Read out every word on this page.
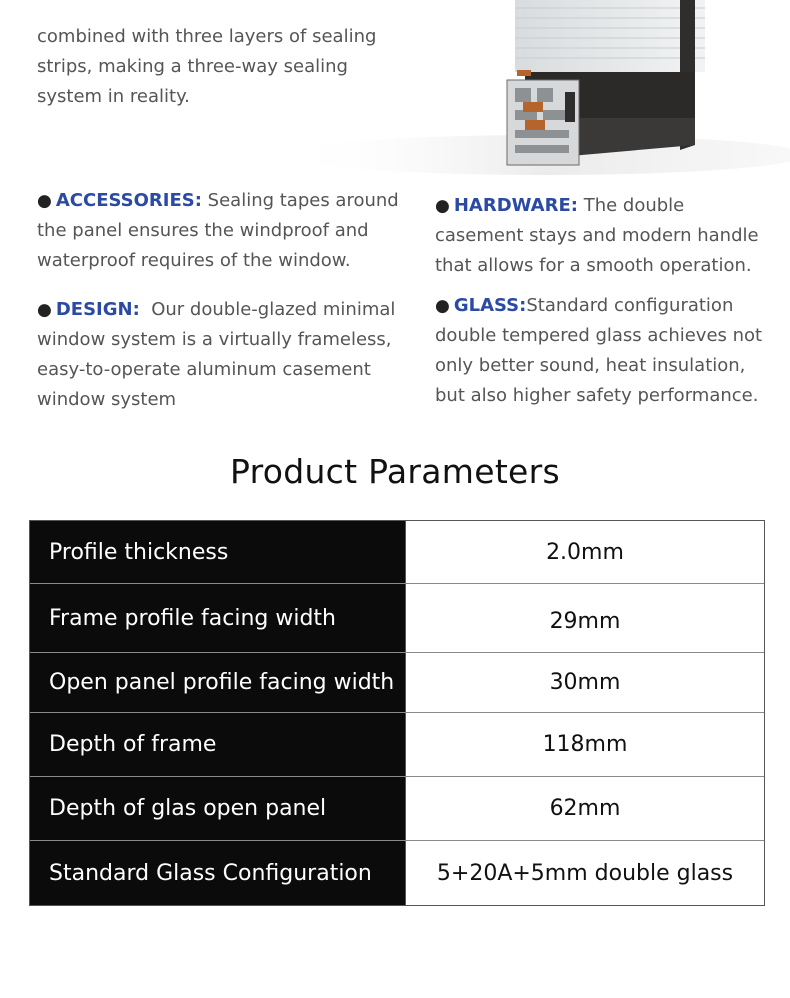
combined with three layers of sealing
strips, making a three-way sealing
system in reality.
● ACCESSORIES: Sealing tapes around the panel ensures the windproof and waterproof requires of the window.
● DESIGN:  Our double-glazed minimal window system is a virtually frameless, easy-to-operate aluminum casement window system
● HARDWARE: The double casement stays and modern handle that allows for a smooth operation.
● GLASS:Standard configuration double tempered glass achieves not only better sound, heat insulation, but also higher safety performance.
Product Parameters
Profile thickness	2.0mm
Frame profile facing width	29mm
Open panel profile facing width	30mm
Depth of frame	118mm
Depth of glas open panel	62mm
Standard Glass Configuration	5+20A+5mm double glass
